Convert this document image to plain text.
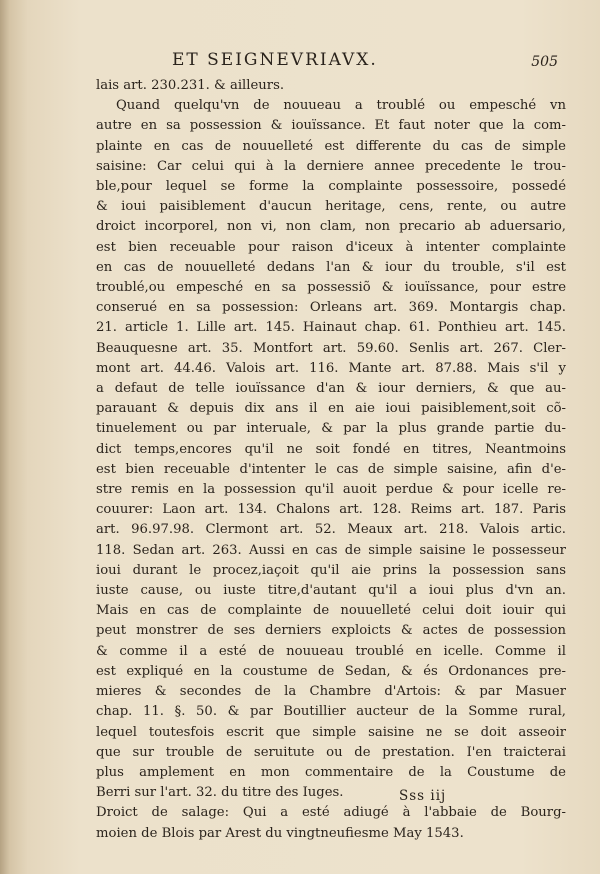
ET SEIGNEVRIAVX.	505
lais art. 230.231. & ailleurs.
Quand quelqu'vn de nouueau a troublé ou empesché vn
autre en sa possession & iouïssance. Et faut noter que la com-
plainte en cas de nouuelleté est differente du cas de simple
saisine: Car celui qui à la derniere annee precedente le trou-
ble,pour lequel se forme la complainte possessoire, possedé
& ioui paisiblement d'aucun heritage, cens, rente, ou autre
droict incorporel, non vi, non clam, non precario ab aduersario,
est bien receuable pour raison d'iceux à intenter complainte
en cas de nouuelleté dedans l'an & iour du trouble, s'il est
troublé,ou empesché en sa possessiõ & iouïssance, pour estre
conserué en sa possession: Orleans art. 369. Montargis chap.
21. article 1. Lille art. 145. Hainaut chap. 61. Ponthieu art. 145.
Beauquesne art. 35. Montfort art. 59.60. Senlis art. 267. Cler-
mont art. 44.46. Valois art. 116. Mante art. 87.88. Mais s'il y
a defaut de telle iouïssance d'an & iour derniers, & que au-
parauant & depuis dix ans il en aie ioui paisiblement,soit cõ-
tinuelement ou par interuale, & par la plus grande partie du-
dict temps,encores qu'il ne soit fondé en titres, Neantmoins
est bien receuable d'intenter le cas de simple saisine, afin d'e-
stre remis en la possession qu'il auoit perdue & pour icelle re-
couurer: Laon art. 134. Chalons art. 128. Reims art. 187. Paris
art. 96.97.98. Clermont art. 52. Meaux art. 218. Valois artic.
118. Sedan art. 263. Aussi en cas de simple saisine le possesseur
ioui durant le procez,iaçoit qu'il aie prins la possession sans
iuste cause, ou iuste titre,d'autant qu'il a ioui plus d'vn an.
Mais en cas de complainte de nouuelleté celui doit iouir qui
peut monstrer de ses derniers exploicts & actes de possession
& comme il a esté de nouueau troublé en icelle. Comme il
est expliqué en la coustume de Sedan, & és Ordonances pre-
mieres & secondes de la Chambre d'Artois: & par Masuer
chap. 11. §. 50. & par Boutillier aucteur de la Somme rural,
lequel toutesfois escrit que simple saisine ne se doit asseoir
que sur trouble de seruitute ou de prestation. I'en traicterai
plus amplement en mon commentaire de la Coustume de
Berri sur l'art. 32. du titre des Iuges.
Droict de salage: Qui a esté adiugé à l'abbaie de Bourg-
moien de Blois par Arest du vingtneufiesme May 1543.
Sss iij
